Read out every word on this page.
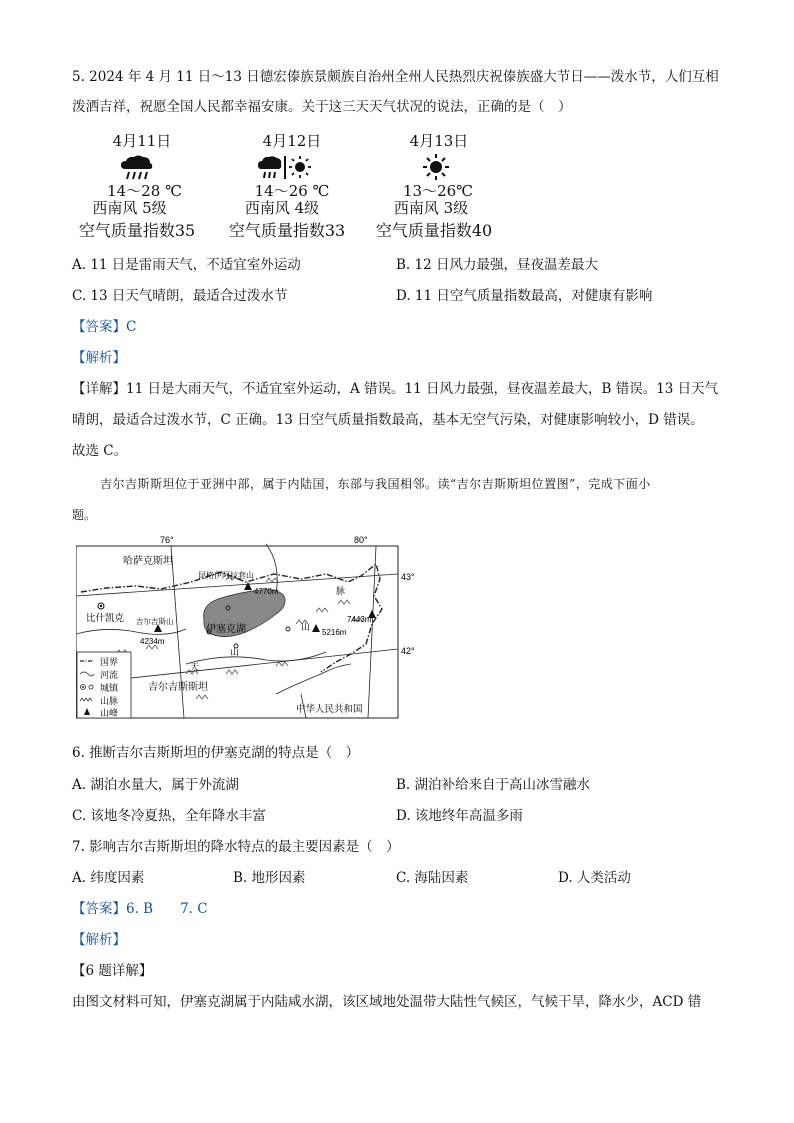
5. 2024 年 4 月 11 日～13 日德宏傣族景颇族自治州全州人民热烈庆祝傣族盛大节日——泼水节，人们互相
泼洒吉祥，祝愿全国人民都幸福安康。关于这三天天气状况的说法，正确的是（　）
4月11日
14～28 ℃
西南风 5级
空气质量指数35
4月12日
14～26 ℃
西南风 4级
空气质量指数33
4月13日
13～26℃
西南风 3级
空气质量指数40
A. 11 日是雷雨天气，不适宜室外运动	B. 12 日风力最强，昼夜温差最大
C. 13 日天气晴朗，最适合过泼水节	D. 11 日空气质量指数最高，对健康有影响
【答案】C
【解析】
【详解】11 日是大雨天气，不适宜室外运动，A 错误。11 日风力最强，昼夜温差最大，B 错误。13 日天气
晴朗，最适合过泼水节，C 正确。13 日空气质量指数最高，基本无空气污染，对健康影响较小，D 错误。
故选 C。
吉尔吉斯斯坦位于亚洲中部，属于内陆国，东部与我国相邻。读“吉尔吉斯斯坦位置图”，完成下面小
题。
76°	80°
43°
42°
哈萨克斯坦
昆格伊阿拉套山
4770m
比什凯克 吉尔吉斯山
4234m
伊塞克湖	5216m
7443m
天
山
山
脉
吉尔吉斯斯坦
中华人民共和国
国界
河流
城镇
山脉
山峰
6. 推断吉尔吉斯斯坦的伊塞克湖的特点是（　）
A. 湖泊水量大，属于外流湖	B. 湖泊补给来自于高山冰雪融水
C. 该地冬冷夏热，全年降水丰富	D. 该地终年高温多雨
7. 影响吉尔吉斯斯坦的降水特点的最主要因素是（　）
A. 纬度因素	B. 地形因素	C. 海陆因素	D. 人类活动
【答案】6. B　　7. C
【解析】
【6 题详解】
由图文材料可知，伊塞克湖属于内陆咸水湖，该区域地处温带大陆性气候区，气候干旱，降水少，ACD 错
